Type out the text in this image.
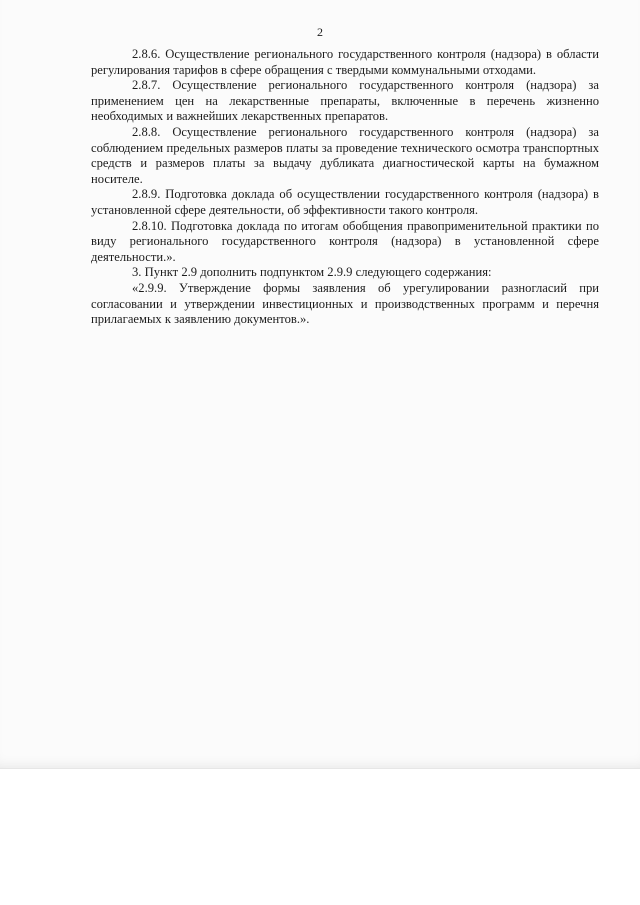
2

2.8.6. Осуществление регионального государственного контроля (надзора) в области регулирования тарифов в сфере обращения с твердыми коммунальными отходами.

2.8.7. Осуществление регионального государственного контроля (надзора) за применением цен на лекарственные препараты, включенные в перечень жизненно необходимых и важнейших лекарственных препаратов.

2.8.8. Осуществление регионального государственного контроля (надзора) за соблюдением предельных размеров платы за проведение технического осмотра транспортных средств и размеров платы за выдачу дубликата диагностической карты на бумажном носителе.

2.8.9. Подготовка доклада об осуществлении государственного контроля (надзора) в установленной сфере деятельности, об эффективности такого контроля.

2.8.10. Подготовка доклада по итогам обобщения правоприменительной практики по виду регионального государственного контроля (надзора) в установленной сфере деятельности.».

3. Пункт 2.9 дополнить подпунктом 2.9.9 следующего содержания:

«2.9.9. Утверждение формы заявления об урегулировании разногласий при согласовании и утверждении инвестиционных и производственных программ и перечня прилагаемых к заявлению документов.».
